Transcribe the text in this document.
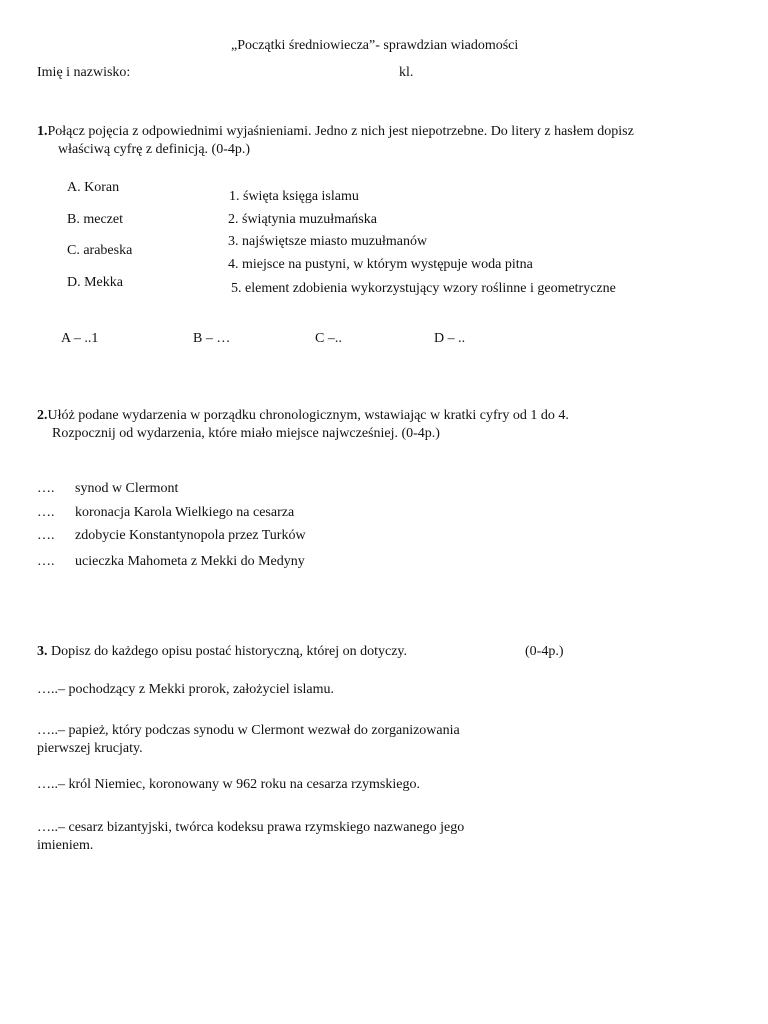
„Początki średniowiecza”- sprawdzian wiadomości
Imię i nazwisko:	kl.
1.Połącz pojęcia z odpowiednimi wyjaśnieniami. Jedno z nich jest niepotrzebne. Do litery z hasłem dopisz
właściwą cyfrę z definicją. (0-4p.)
A. Koran
B. meczet
C. arabeska
D. Mekka
1. święta księga islamu
2. świątynia muzułmańska
3. najświętsze miasto muzułmanów
4. miejsce na pustyni, w którym występuje woda pitna
5. element zdobienia wykorzystujący wzory roślinne i geometryczne
A – ..1	B – …	C –..	D – ..
2.Ułóż podane wydarzenia w porządku chronologicznym, wstawiając w kratki cyfry od 1 do 4.
Rozpocznij od wydarzenia, które miało miejsce najwcześniej. (0-4p.)
…. synod w Clermont
…. koronacja Karola Wielkiego na cesarza
…. zdobycie Konstantynopola przez Turków
…. ucieczka Mahometa z Mekki do Medyny
3. Dopisz do każdego opisu postać historyczną, której on dotyczy.	(0-4p.)
…..– pochodzący z Mekki prorok, założyciel islamu.
…..– papież, który podczas synodu w Clermont wezwał do zorganizowania
pierwszej krucjaty.
…..– król Niemiec, koronowany w 962 roku na cesarza rzymskiego.
…..– cesarz bizantyjski, twórca kodeksu prawa rzymskiego nazwanego jego
imieniem.
